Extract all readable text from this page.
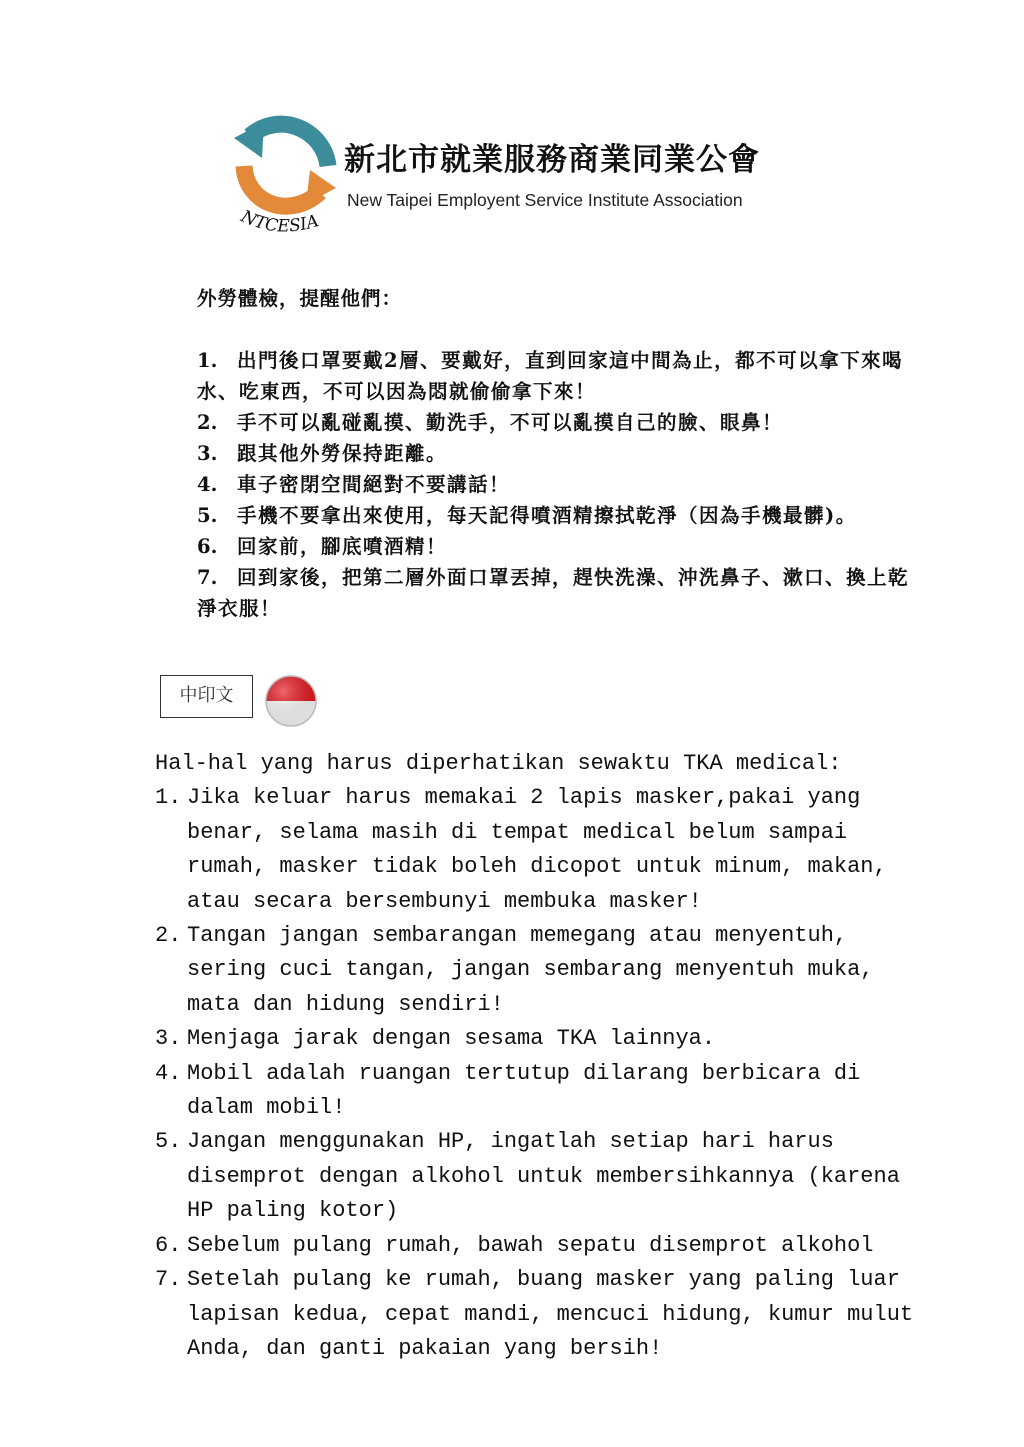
NTCESIA
新北市就業服務商業同業公會
New Taipei Employent Service Institute Association
外勞體檢，提醒他們：
1. 出門後口罩要戴2層、要戴好，直到回家這中間為止，都不可以拿下來喝水、吃東西，不可以因為悶就偷偷拿下來！
2. 手不可以亂碰亂摸、勤洗手，不可以亂摸自己的臉、眼鼻！
3. 跟其他外勞保持距離。
4. 車子密閉空間絕對不要講話！
5. 手機不要拿出來使用，每天記得噴酒精擦拭乾淨（因為手機最髒)。
6. 回家前，腳底噴酒精！
7. 回到家後，把第二層外面口罩丟掉，趕快洗澡、沖洗鼻子、漱口、換上乾淨衣服！
中印文
Hal-hal yang harus diperhatikan sewaktu TKA medical:
1. Jika keluar harus memakai 2 lapis masker,pakai yang benar, selama masih di tempat medical belum sampai rumah, masker tidak boleh dicopot untuk minum, makan, atau secara bersembunyi membuka masker!
2. Tangan jangan sembarangan memegang atau menyentuh, sering cuci tangan, jangan sembarang menyentuh muka, mata dan hidung sendiri!
3. Menjaga jarak dengan sesama TKA lainnya.
4. Mobil adalah ruangan tertutup dilarang berbicara di dalam mobil!
5. Jangan menggunakan HP, ingatlah setiap hari harus disemprot dengan alkohol untuk membersihkannya (karena HP paling kotor)
6. Sebelum pulang rumah, bawah sepatu disemprot alkohol
7. Setelah pulang ke rumah, buang masker yang paling luar lapisan kedua, cepat mandi, mencuci hidung, kumur mulut Anda, dan ganti pakaian yang bersih!
